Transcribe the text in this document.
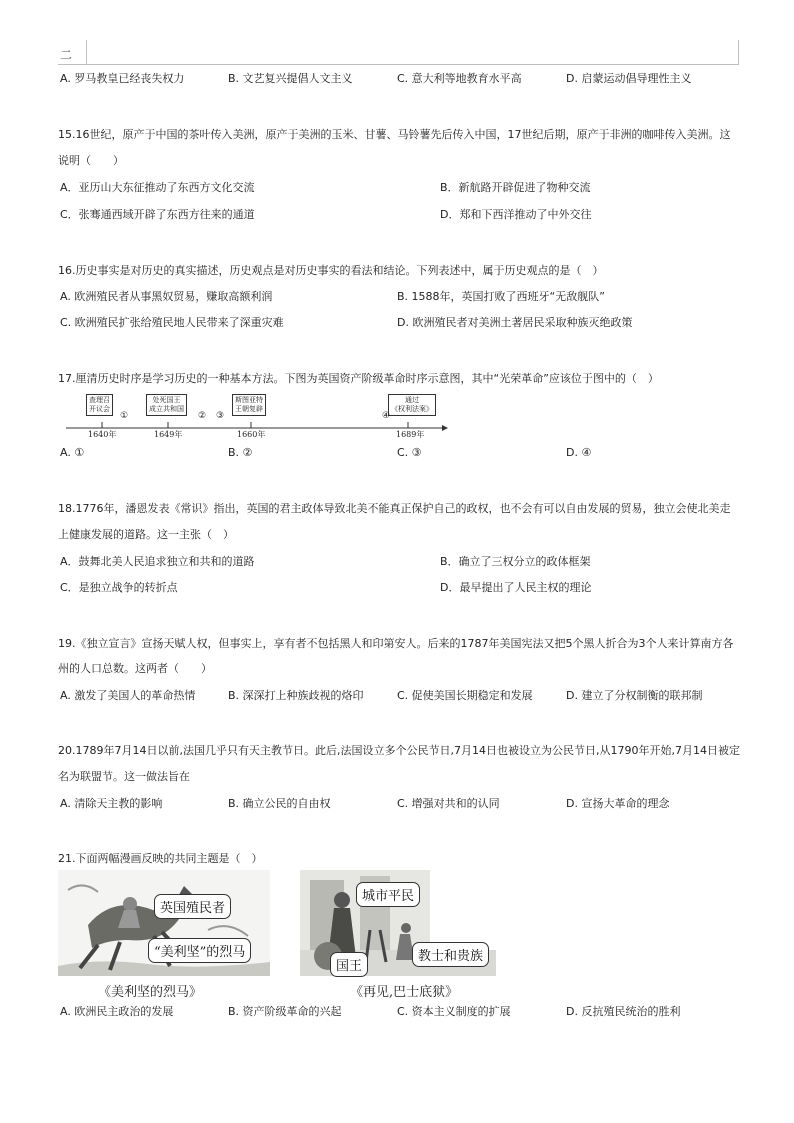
二
A. 罗马教皇已经丧失权力	B. 文艺复兴提倡人文主义	C. 意大利等地教育水平高	D. 启蒙运动倡导理性主义
15.16世纪，原产于中国的茶叶传入美洲，原产于美洲的玉米、甘薯、马铃薯先后传入中国，17世纪后期，原产于非洲的咖啡传入美洲。这
说明（　　）
A．亚历山大东征推动了东西方文化交流	B．新航路开辟促进了物种交流
C．张骞通西域开辟了东西方往来的通道	D．郑和下西洋推动了中外交往
16.历史事实是对历史的真实描述，历史观点是对历史事实的看法和结论。下列表述中，属于历史观点的是（　）
A. 欧洲殖民者从事黑奴贸易，赚取高额利润	B. 1588年，英国打败了西班牙“无敌舰队”
C. 欧洲殖民扩张给殖民地人民带来了深重灾难	D. 欧洲殖民者对美洲土著居民采取种族灭绝政策
17.厘清历史时序是学习历史的一种基本方法。下图为英国资产阶级革命时序示意图，其中“光荣革命”应该位于图中的（　）
查理召
开议会
处死国王
成立共和国
斯图亚特
王朝复辟
通过
《权利法案》
①	② ③	④
1640年	1649年	1660年	1689年
A. ①	B. ②	C. ③	D. ④
18.1776年，潘恩发表《常识》指出，英国的君主政体导致北美不能真正保护自己的政权，也不会有可以自由发展的贸易，独立会使北美走
上健康发展的道路。这一主张（　）
A．鼓舞北美人民追求独立和共和的道路	B．确立了三权分立的政体框架
C．是独立战争的转折点	D．最早提出了人民主权的理论
19.《独立宣言》宣扬天赋人权，但事实上，享有者不包括黑人和印第安人。后来的1787年美国宪法又把5个黑人折合为3个人来计算南方各
州的人口总数。这两者（　　）
A. 激发了美国人的革命热情	B. 深深打上种族歧视的烙印	C. 促使美国长期稳定和发展	D. 建立了分权制衡的联邦制
20.1789年7月14日以前,法国几乎只有天主教节日。此后,法国设立多个公民节日,7月14日也被设立为公民节日,从1790年开始,7月14日被定
名为联盟节。这一做法旨在
A. 清除天主教的影响	B. 确立公民的自由权	C. 增强对共和的认同	D. 宣扬大革命的理念
21.下面两幅漫画反映的共同主题是（　）
英国殖民者
“美利坚”的烈马
《美利坚的烈马》
城市平民
国王
教士和贵族
《再见,巴士底狱》
A. 欧洲民主政治的发展	B. 资产阶级革命的兴起	C. 资本主义制度的扩展	D. 反抗殖民统治的胜利
